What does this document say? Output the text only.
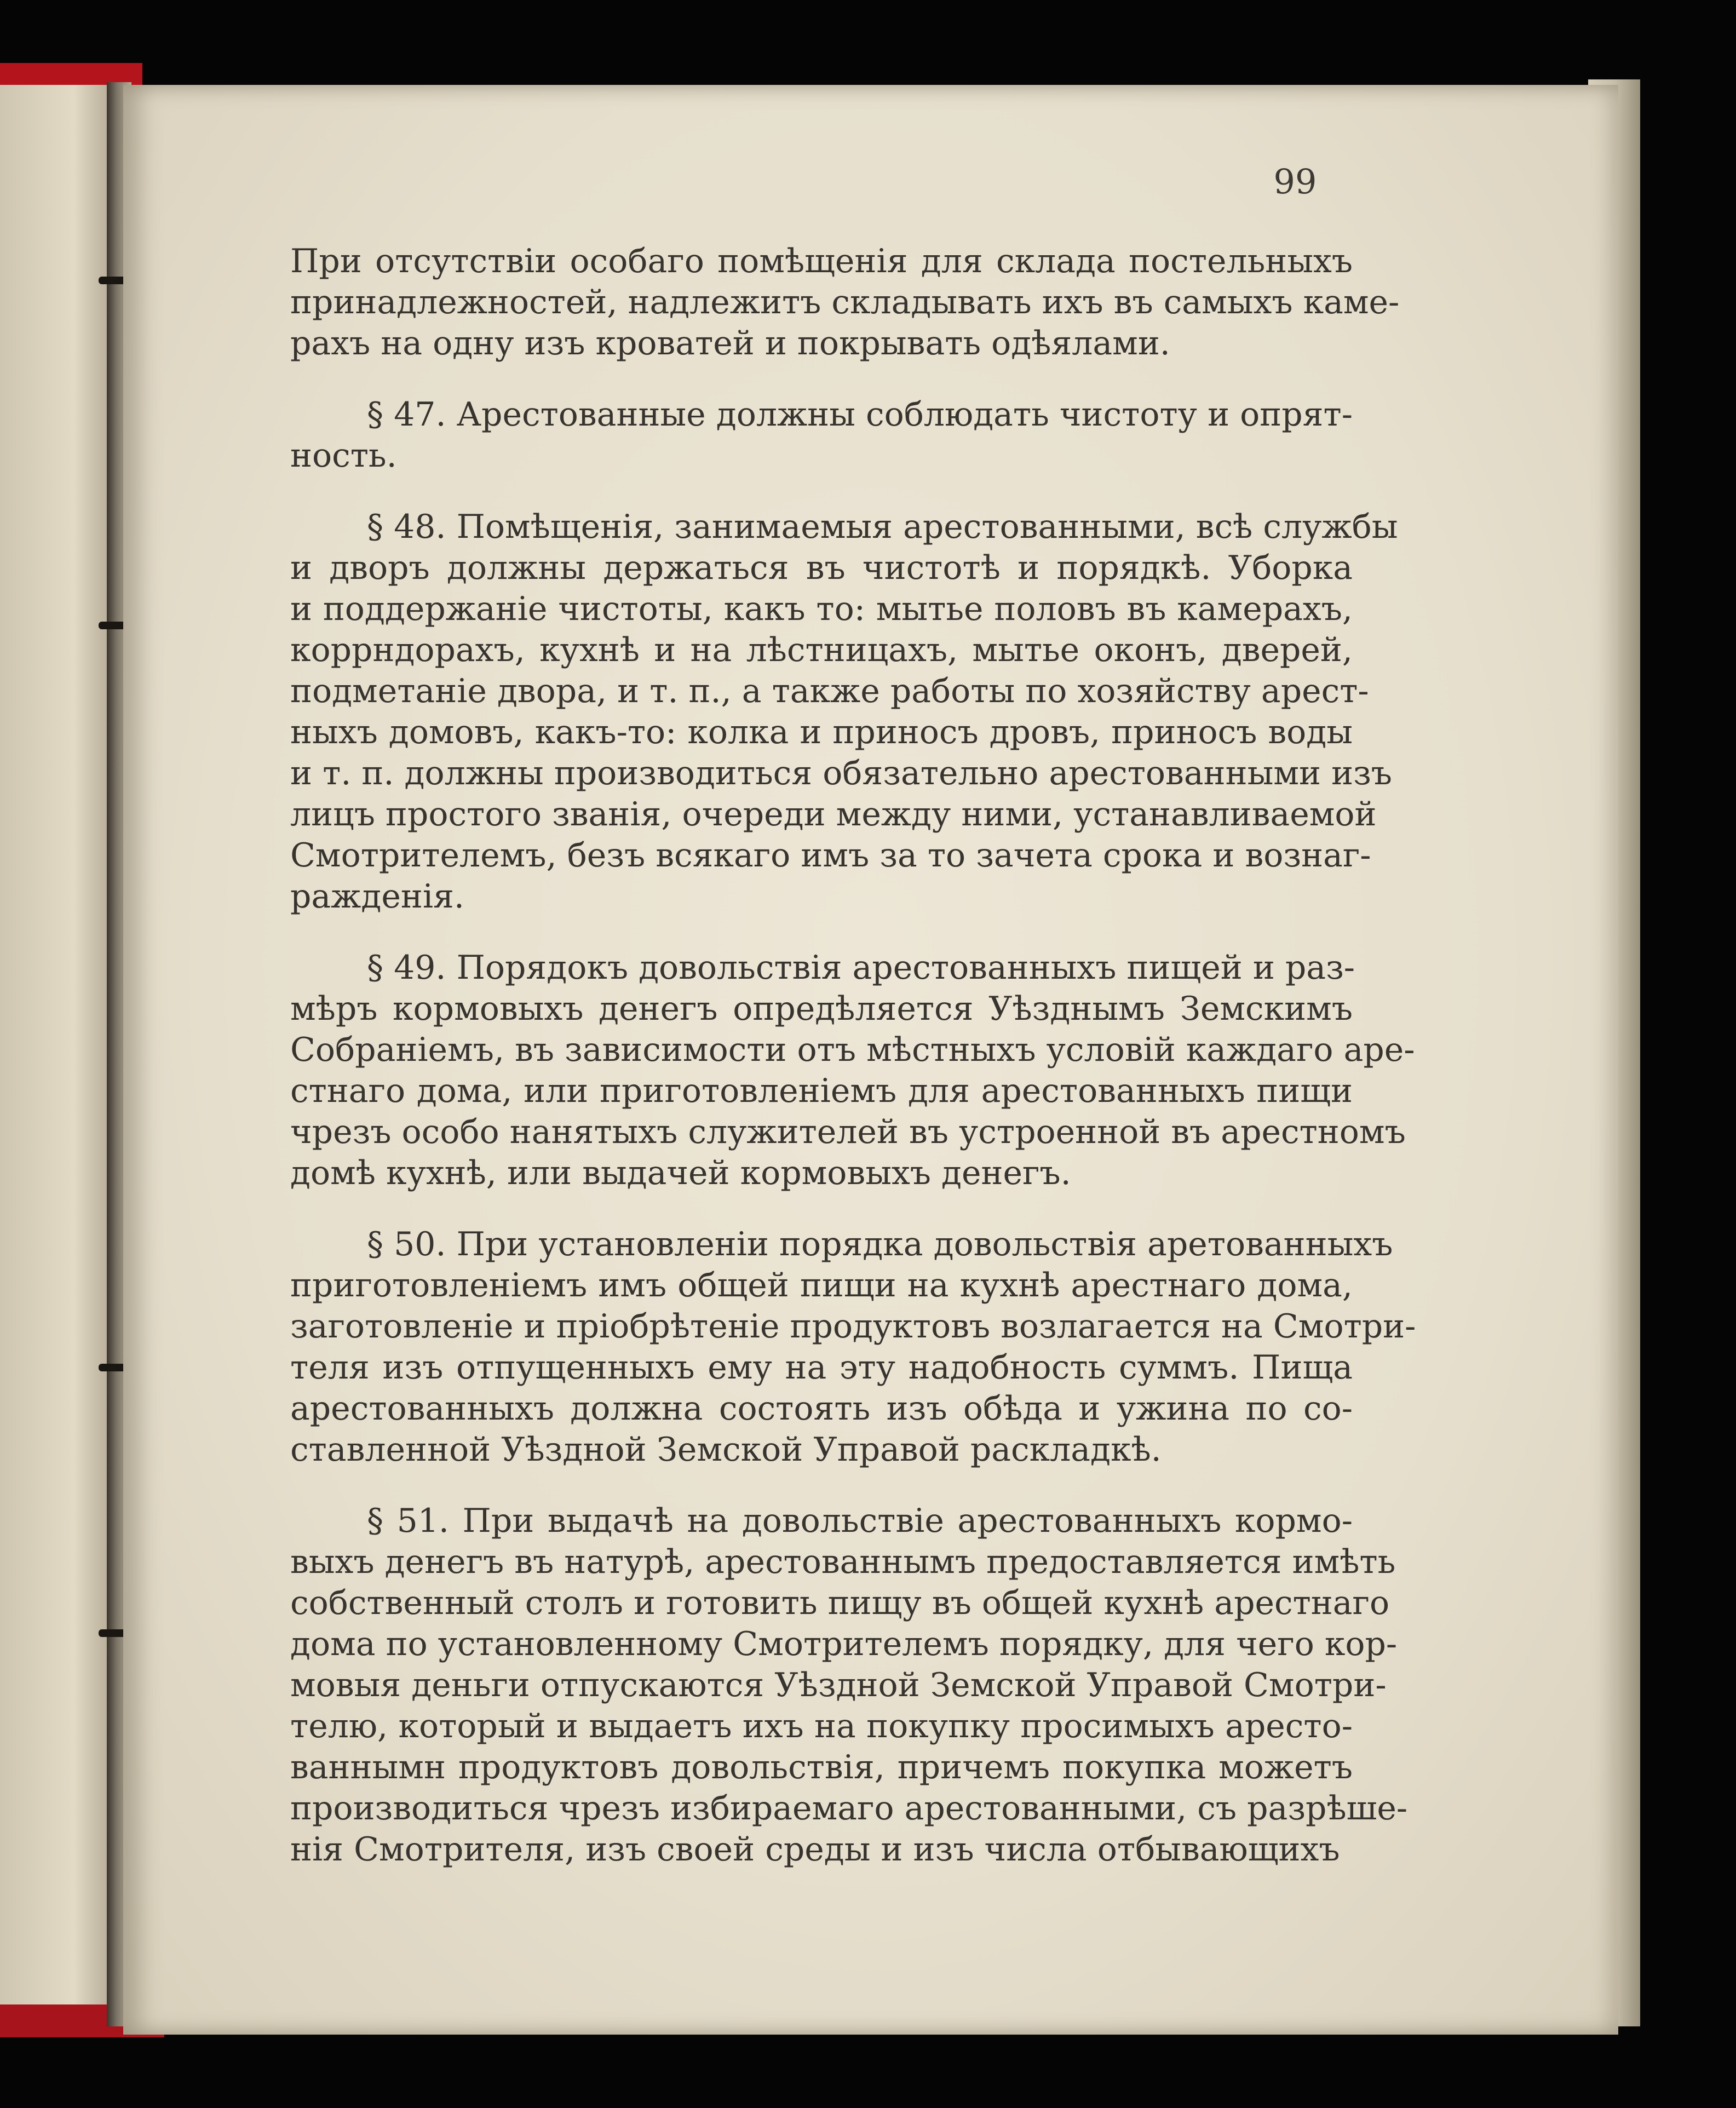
99
При отсутствіи особаго помѣщенія для склада постельныхъ
принадлежностей, надлежитъ складывать ихъ въ самыхъ каме-
рахъ на одну изъ кроватей и покрывать одѣялами.
§ 47. Арестованные должны соблюдать чистоту и опрят-
ность.
§ 48. Помѣщенія, занимаемыя арестованными, всѣ службы
и дворъ должны держаться въ чистотѣ и порядкѣ. Уборка
и поддержаніе чистоты, какъ то: мытье половъ въ камерахъ,
коррндорахъ, кухнѣ и на лѣстницахъ, мытье оконъ, дверей,
подметаніе двора, и т. п., а также работы по хозяйству арест-
ныхъ домовъ, какъ-то: колка и приносъ дровъ, приносъ воды
и т. п. должны производиться обязательно арестованными изъ
лицъ простого званія, очереди между ними, устанавливаемой
Смотрителемъ, безъ всякаго имъ за то зачета срока и вознаг-
ражденія.
§ 49. Порядокъ довольствія арестованныхъ пищей и раз-
мѣръ кормовыхъ денегъ опредѣляется Уѣзднымъ Земскимъ
Собраніемъ, въ зависимости отъ мѣстныхъ условій каждаго аре-
стнаго дома, или приготовленіемъ для арестованныхъ пищи
чрезъ особо нанятыхъ служителей въ устроенной въ арестномъ
домѣ кухнѣ, или выдачей кормовыхъ денегъ.
§ 50. При установленіи порядка довольствія аретованныхъ
приготовленіемъ имъ общей пищи на кухнѣ арестнаго дома,
заготовленіе и пріобрѣтеніе продуктовъ возлагается на Смотри-
теля изъ отпущенныхъ ему на эту надобность суммъ. Пища
арестованныхъ должна состоять изъ обѣда и ужина по со-
ставленной Уѣздной Земской Управой раскладкѣ.
§ 51. При выдачѣ на довольствіе арестованныхъ кормо-
выхъ денегъ въ натурѣ, арестованнымъ предоставляется имѣть
собственный столъ и готовить пищу въ общей кухнѣ арестнаго
дома по установленному Смотрителемъ порядку, для чего кор-
мовыя деньги отпускаются Уѣздной Земской Управой Смотри-
телю, который и выдаетъ ихъ на покупку просимыхъ аресто-
ваннымн продуктовъ довольствія, причемъ покупка можетъ
производиться чрезъ избираемаго арестованными, съ разрѣше-
нія Смотрителя, изъ своей среды и изъ числа отбывающихъ
